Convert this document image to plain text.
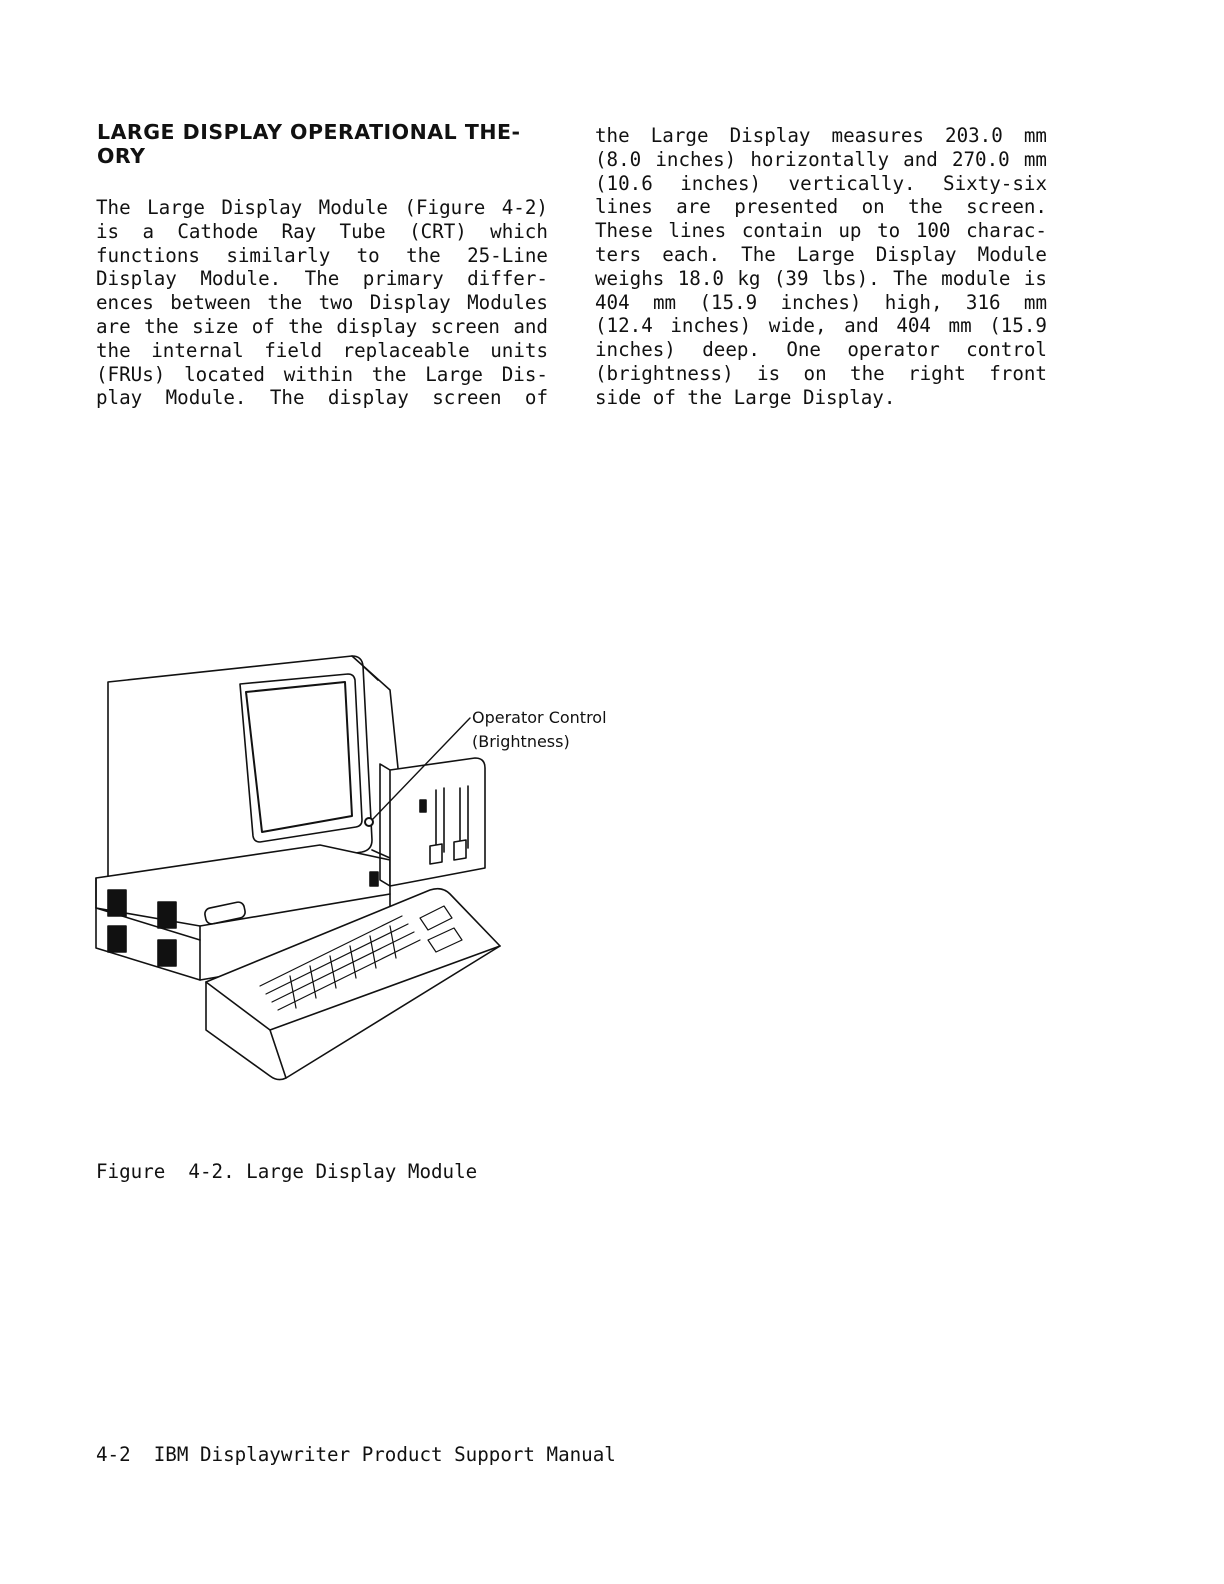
LARGE DISPLAY OPERATIONAL THE-
ORY
The Large Display Module (Figure 4-2)
is a Cathode Ray Tube (CRT) which
functions similarly to the 25-Line
Display Module. The primary differ-
ences between the two Display Modules
are the size of the display screen and
the internal field replaceable units
(FRUs) located within the Large Dis-
play Module. The display screen of
the Large Display measures 203.0 mm
(8.0 inches) horizontally and 270.0 mm
(10.6 inches) vertically. Sixty-six
lines are presented on the screen.
These lines contain up to 100 charac-
ters each. The Large Display Module
weighs 18.0 kg (39 lbs). The module is
404 mm (15.9 inches) high, 316 mm
(12.4 inches) wide, and 404 mm (15.9
inches) deep. One operator control
(brightness) is on the right front
side of the Large Display.
Operator Control
(Brightness)
Figure  4-2. Large Display Module
4-2  IBM Displaywriter Product Support Manual
